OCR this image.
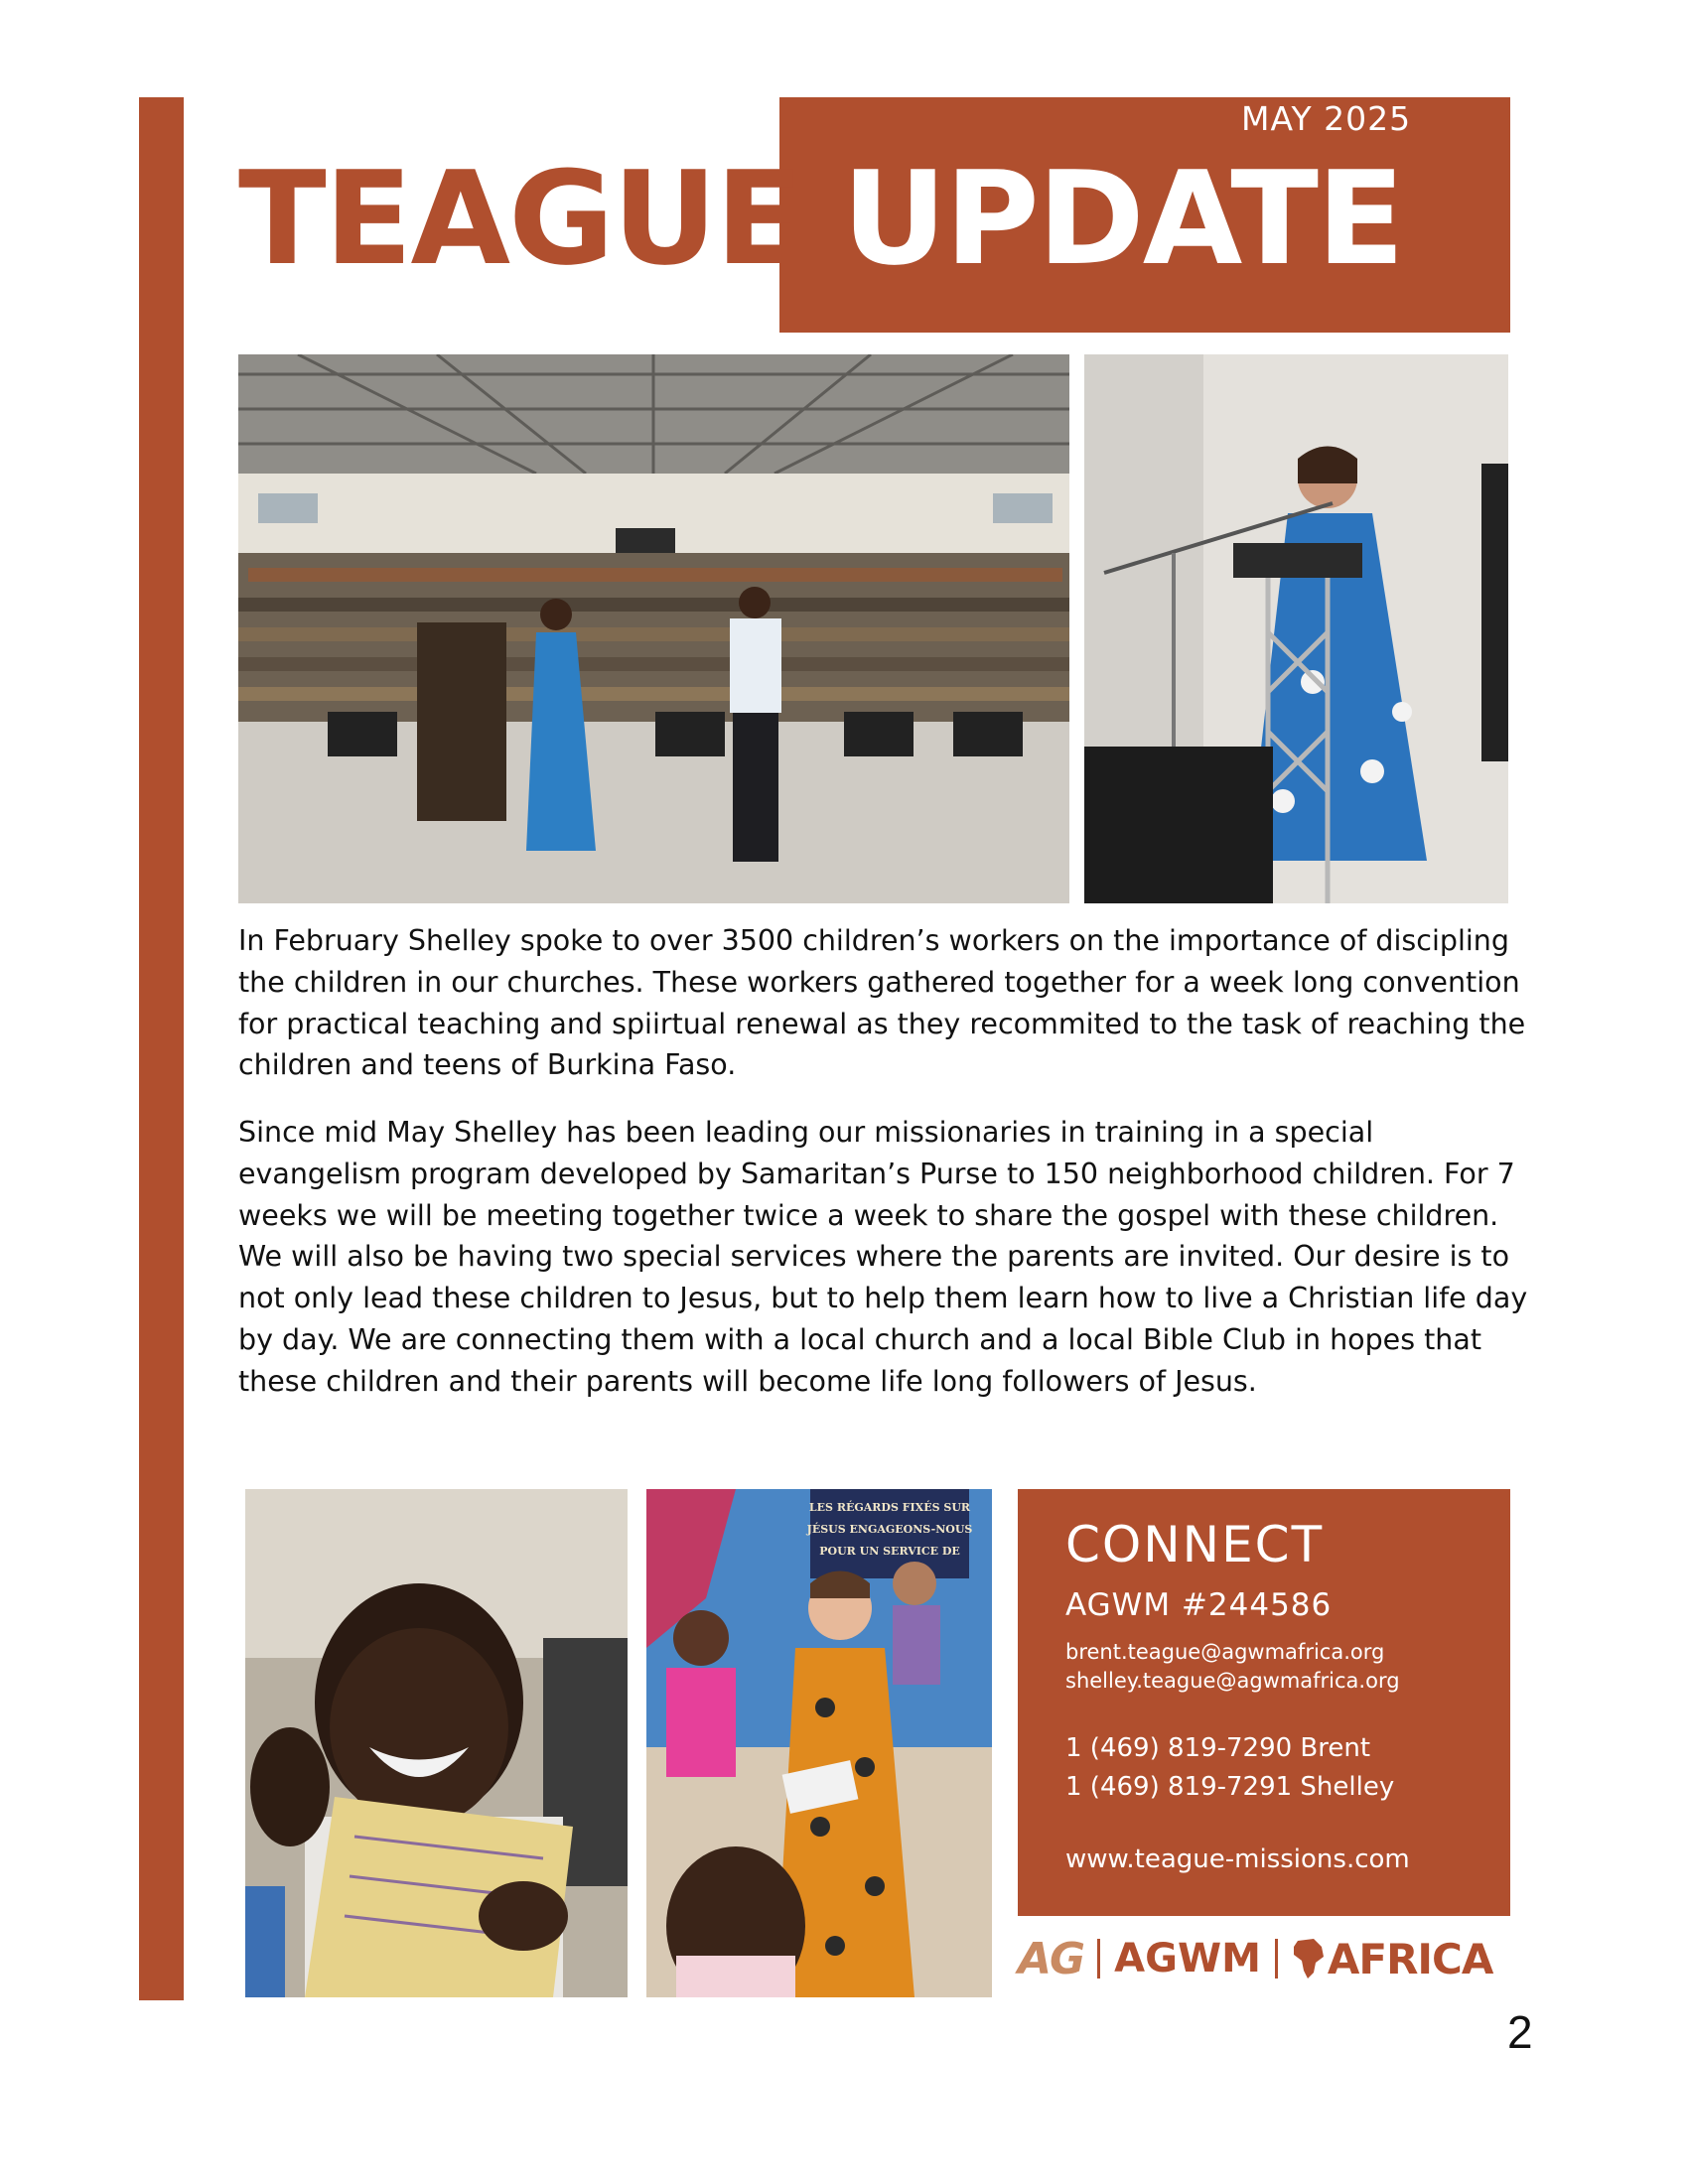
MAY 2025
TEAGUE UPDATE
In February Shelley spoke to over 3500 children’s workers on the importance of discipling the children in our churches. These workers gathered together for a week long convention for practical teaching and spiirtual renewal as they recommited to the task of reaching the children and teens of Burkina Faso.
Since mid May Shelley has been leading our missionaries in training in a special evangelism program developed by Samaritan’s Purse to 150 neighborhood children. For 7 weeks we will be meeting together twice a week to share the gospel with these children. We will also be having two special services where the parents are invited. Our desire is to not only lead these children to Jesus, but to help them learn how to live a Christian life day by day. We are connecting them with a local church and a local Bible Club in hopes that these children and their parents will become life long followers of Jesus.
LES RÉGARDS FIXÉS SUR
JÉSUS ENGAGEONS-NOUS
POUR UN SERVICE DE CONNECT
AGWM #244586
brent.teague@agwmafrica.org
shelley.teague@agwmafrica.org
1 (469) 819-7290 Brent
1 (469) 819-7291 Shelley
www.teague-missions.com
AG AGWM AFRICA
2
